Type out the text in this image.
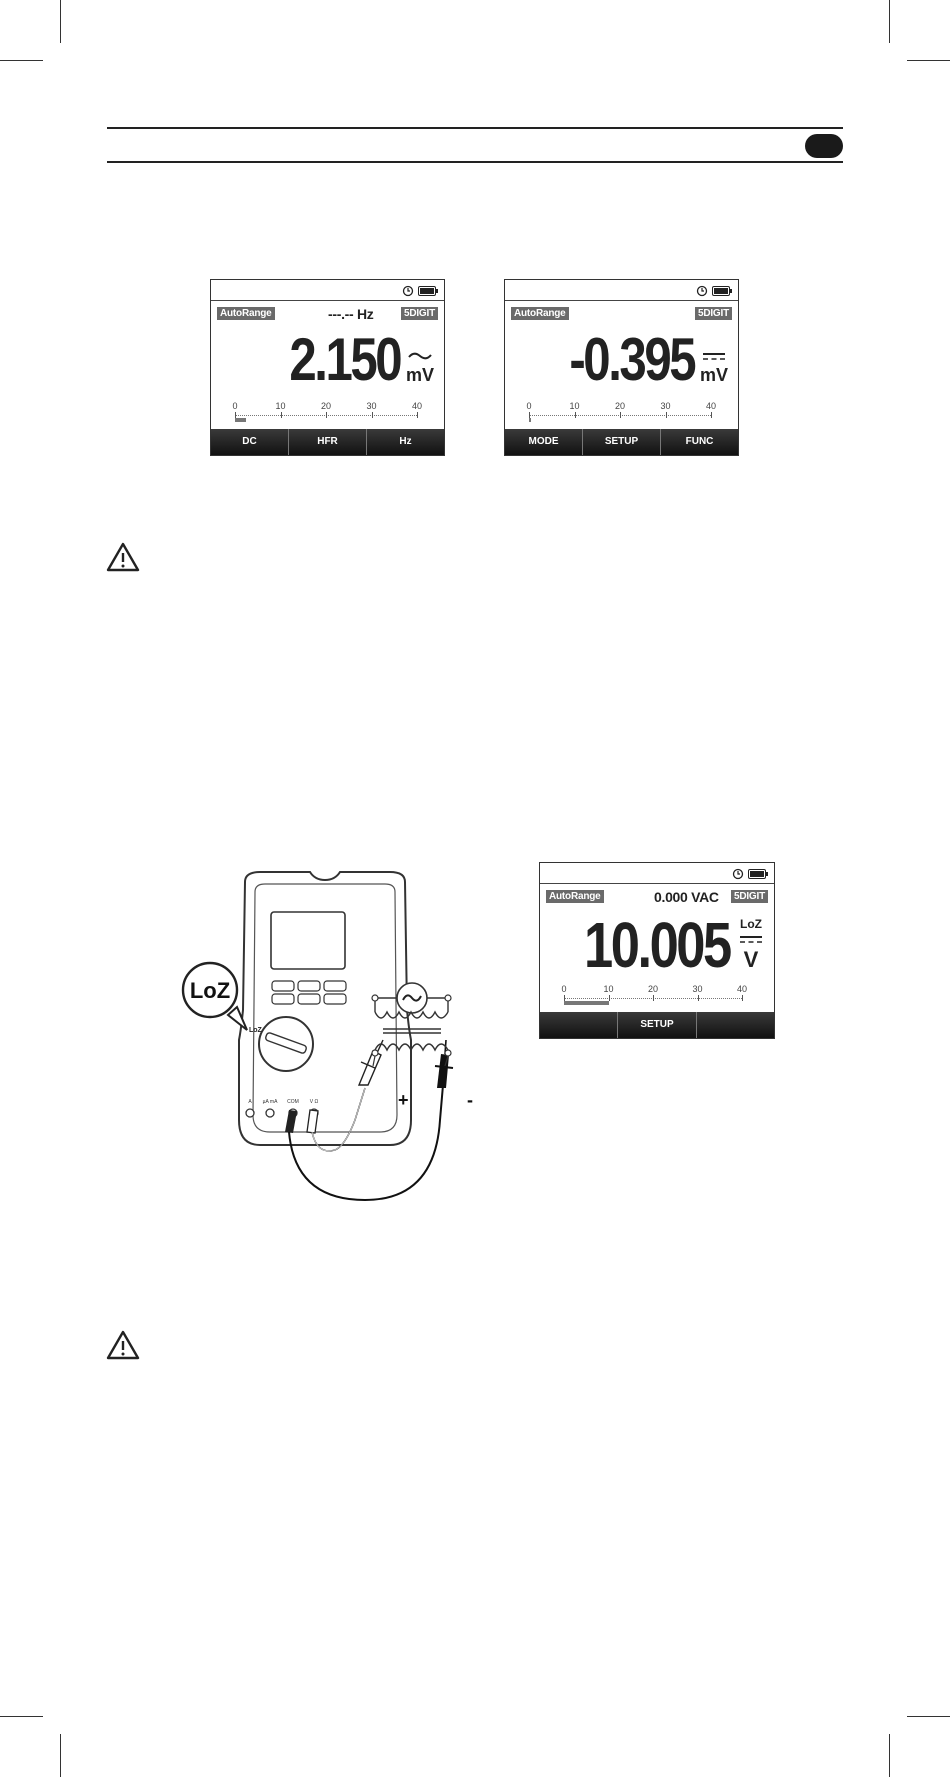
AutoRange	---.-- Hz	5DIGIT
2.150 mV
0	10	20	30	40
DC	HFR	Hz
AutoRange	5DIGIT
-0.395 mV
0	10	20	30	40
MODE	SETUP	FUNC
LoZ
LoZ
A µA mA COM V Ω	+	-
AutoRange	0.000 VAC	5DIGIT
10.005 LoZ
V
0	10	20	30	40
SETUP
